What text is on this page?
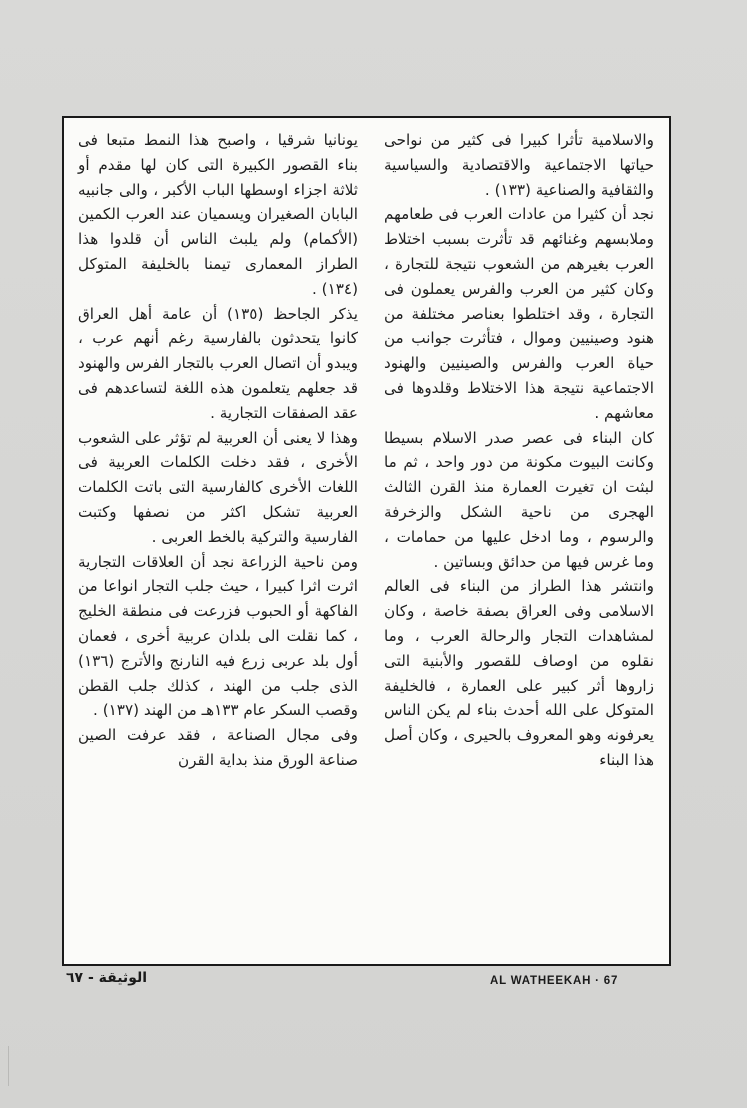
والاسلامية تأثرا كبيرا فى كثير من نواحى حياتها الاجتماعية والاقتصادية والسياسية والثقافية والصناعية (١٣٣) .

نجد أن كثيرا من عادات العرب فى طعامهم وملابسهم وغنائهم قد تأثرت بسبب اختلاط العرب بغيرهم من الشعوب نتيجة للتجارة ، وكان كثير من العرب والفرس يعملون فى التجارة ، وقد اختلطوا بعناصر مختلفة من هنود وصينيين وموال ، فتأثرت جوانب من حياة العرب والفرس والصينيين والهنود الاجتماعية نتيجة هذا الاختلاط وقلدوها فى معاشهم .

كان البناء فى عصر صدر الاسلام بسيطا وكانت البيوت مكونة من دور واحد ، ثم ما لبثت ان تغيرت العمارة منذ القرن الثالث الهجرى من ناحية الشكل والزخرفة والرسوم ، وما ادخل عليها من حمامات ، وما غرس فيها من حدائق وبساتين .

وانتشر هذا الطراز من البناء فى العالم الاسلامى وفى العراق بصفة خاصة ، وكان لمشاهدات التجار والرحالة العرب ، وما نقلوه من اوصاف للقصور والأبنية التى زاروها أثر كبير على العمارة ، فالخليفة المتوكل على الله أحدث بناء لم يكن الناس يعرفونه وهو المعروف بالحيرى ، وكان أصل هذا البناء

يونانيا شرقيا ، واصبح هذا النمط متبعا فى بناء القصور الكبيرة التى كان لها مقدم أو ثلاثة اجزاء اوسطها الباب الأكبر ، والى جانبيه البابان الصغيران ويسميان عند العرب الكمين (الأكمام) ولم يلبث الناس أن قلدوا هذا الطراز المعمارى تيمنا بالخليفة المتوكل (١٣٤) .

يذكر الجاحظ (١٣٥) أن عامة أهل العراق كانوا يتحدثون بالفارسية رغم أنهم عرب ، ويبدو أن اتصال العرب بالتجار الفرس والهنود قد جعلهم يتعلمون هذه اللغة لتساعدهم فى عقد الصفقات التجارية .

وهذا لا يعنى أن العربية لم تؤثر على الشعوب الأخرى ، فقد دخلت الكلمات العربية فى اللغات الأخرى كالفارسية التى باتت الكلمات العربية تشكل اكثر من نصفها وكتبت الفارسية والتركية بالخط العربى .

ومن ناحية الزراعة نجد أن العلاقات التجارية اثرت اثرا كبيرا ، حيث جلب التجار انواعا من الفاكهة أو الحبوب فزرعت فى منطقة الخليج ، كما نقلت الى بلدان عربية أخرى ، فعمان أول بلد عربى زرع فيه النارنج والأترج (١٣٦) الذى جلب من الهند ، كذلك جلب القطن وقصب السكر عام ١٣٣هـ من الهند (١٣٧) .

وفى مجال الصناعة ، فقد عرفت الصين صناعة الورق منذ بداية القرن

AL WATHEEKAH · 67
الوثيقة - ٦٧
